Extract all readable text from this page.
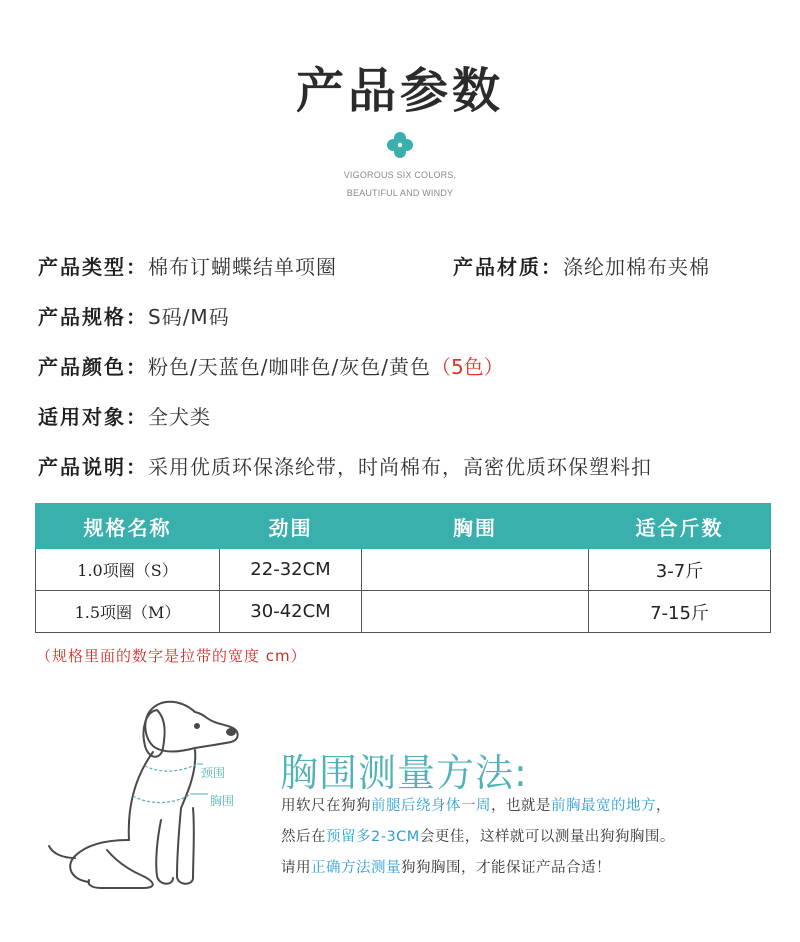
产品参数
VIGOROUS SIX COLORS,
BEAUTIFUL AND WINDY
产品类型：棉布订蝴蝶结单项圈	产品材质：涤纶加棉布夹棉
产品规格：S码/M码
产品颜色：粉色/天蓝色/咖啡色/灰色/黄色（5色）
适用对象：全犬类
产品说明：采用优质环保涤纶带，时尚棉布，高密优质环保塑料扣
规格名称	劲围	胸围	适合斤数
1.0项圈（S）	22-32CM		3-7斤
1.5项圈（M）	30-42CM		7-15斤
（规格里面的数字是拉带的宽度 cm）
颈围
胸围
胸围测量方法:
用软尺在狗狗前腿后绕身体一周，也就是前胸最宽的地方，
然后在预留多2-3CM会更佳，这样就可以测量出狗狗胸围。
请用正确方法测量狗狗胸围，才能保证产品合适！
